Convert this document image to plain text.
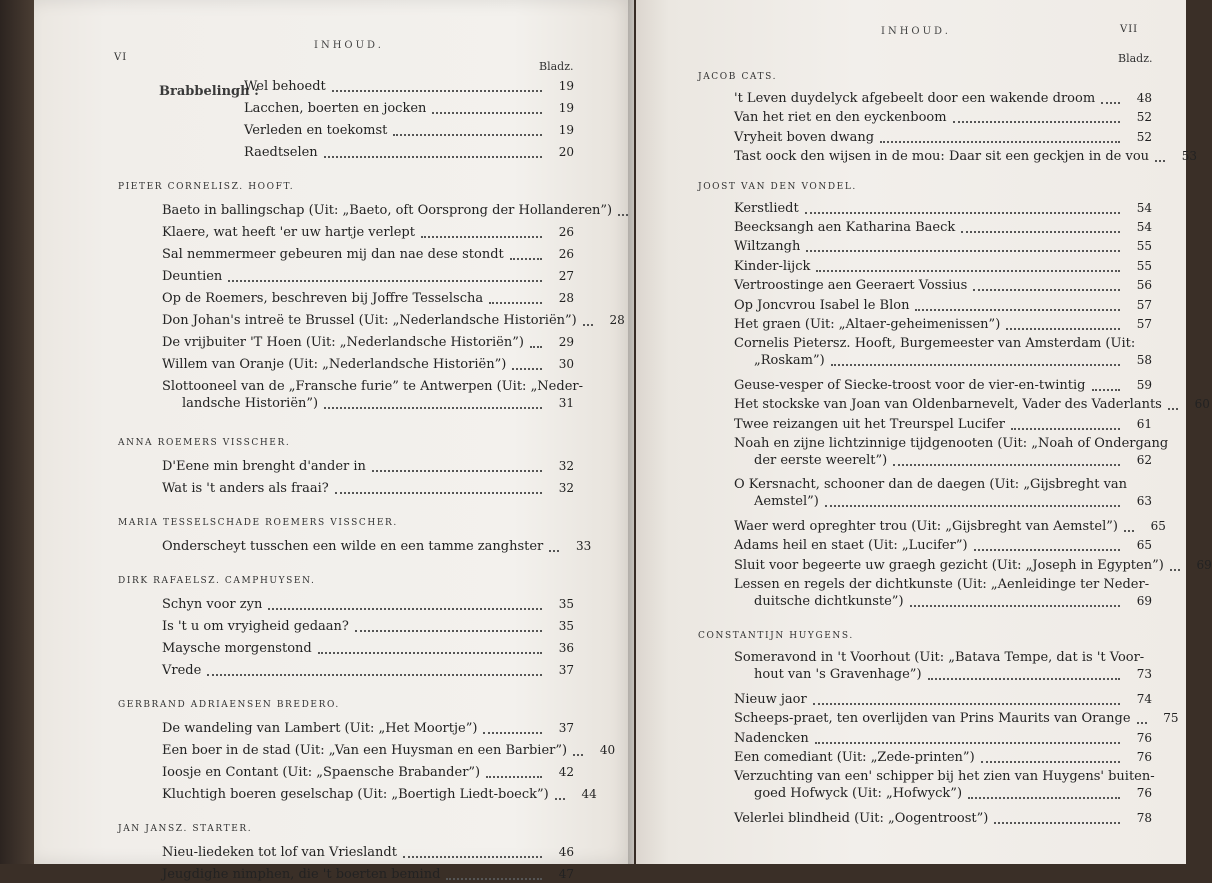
VI
INHOUD.
Bladz.
Brabbelingh :
Wel behoedt	19
Lacchen, boerten en jocken	19
Verleden en toekomst	19
Raedtselen	20
PIETER CORNELISZ. HOOFT.
Baeto in ballingschap (Uit: „Baeto, oft Oorsprong der Hollanderen”)
Klaere, wat heeft 'er uw hartje verlept	26
Sal nemmermeer gebeuren mij dan nae dese stondt	26
Deuntien	27
Op de Roemers, beschreven bij Joffre Tesselscha	28
Don Johan's intreë te Brussel (Uit: „Nederlandsche Historiën”)	28
De vrijbuiter 'T Hoen (Uit: „Nederlandsche Historiën”)	29
Willem van Oranje (Uit: „Nederlandsche Historiën”)	30
Slottooneel van de „Fransche furie” te Antwerpen (Uit: „Neder-
landsche Historiën”)	31
ANNA ROEMERS VISSCHER.
D'Eene min brenght d'ander in	32
Wat is 't anders als fraai?	32
MARIA TESSELSCHADE ROEMERS VISSCHER.
Onderscheyt tusschen een wilde en een tamme zanghster	33
DIRK RAFAELSZ. CAMPHUYSEN.
Schyn voor zyn	35
Is 't u om vryigheid gedaan?	35
Maysche morgenstond	36
Vrede	37
GERBRAND ADRIAENSEN BREDERO.
De wandeling van Lambert (Uit: „Het Moortje”)	37
Een boer in de stad (Uit: „Van een Huysman en een Barbier”)	40
Ioosje en Contant (Uit: „Spaensche Brabander”)	42
Kluchtigh boeren geselschap (Uit: „Boertigh Liedt-boeck”)	44
JAN JANSZ. STARTER.
Nieu-liedeken tot lof van Vrieslandt	46
Jeugdighe nimphen, die 't boerten bemind	47
INHOUD.	VII
Bladz.
JACOB CATS.
't Leven duydelyck afgebeelt door een wakende droom	48
Van het riet en den eyckenboom	52
Vryheit boven dwang	52
Tast oock den wijsen in de mou: Daar sit een geckjen in de vou	53
JOOST VAN DEN VONDEL.
Kerstliedt	54
Beecksangh aen Katharina Baeck	54
Wiltzangh	55
Kinder-lijck	55
Vertroostinge aen Geeraert Vossius	56
Op Joncvrou Isabel le Blon	57
Het graen (Uit: „Altaer-geheimenissen”)	57
Cornelis Pietersz. Hooft, Burgemeester van Amsterdam (Uit:
„Roskam”)	58
Geuse-vesper of Siecke-troost voor de vier-en-twintig	59
Het stockske van Joan van Oldenbarnevelt, Vader des Vaderlants	60
Twee reizangen uit het Treurspel Lucifer	61
Noah en zijne lichtzinnige tijdgenooten (Uit: „Noah of Ondergang
der eerste weerelt”)	62
O Kersnacht, schooner dan de daegen (Uit: „Gijsbreght van
Aemstel”)	63
Waer werd opreghter trou (Uit: „Gijsbreght van Aemstel”)	65
Adams heil en staet (Uit: „Lucifer”)	65
Sluit voor begeerte uw graegh gezicht (Uit: „Joseph in Egypten”)	69
Lessen en regels der dichtkunste (Uit: „Aenleidinge ter Neder-
duitsche dichtkunste”)	69
CONSTANTIJN HUYGENS.
Someravond in 't Voorhout (Uit: „Batava Tempe, dat is 't Voor-
hout van 's Gravenhage”)	73
Nieuw jaor	74
Scheeps-praet, ten overlijden van Prins Maurits van Orange	75
Nadencken	76
Een comediant (Uit: „Zede-printen”)	76
Verzuchting van een' schipper bij het zien van Huygens' buiten-
goed Hofwyck (Uit: „Hofwyck”)	76
Velerlei blindheid (Uit: „Oogentroost”)	78
